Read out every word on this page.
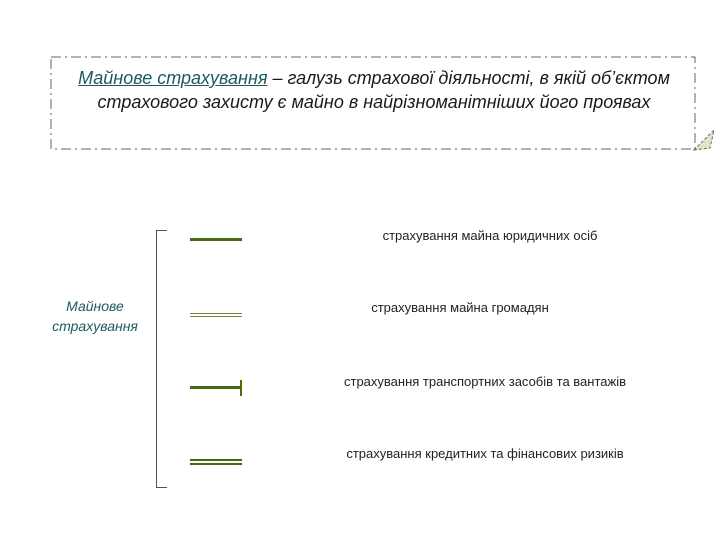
Майнове страхування – галузь страхової діяльності, в якій об’єктом страхового захисту є майно в найрізноманітніших його проявах
Майнове страхування
страхування майна юридичних осіб
страхування майна громадян
страхування транспортних засобів та вантажів
страхування кредитних та фінансових ризиків
